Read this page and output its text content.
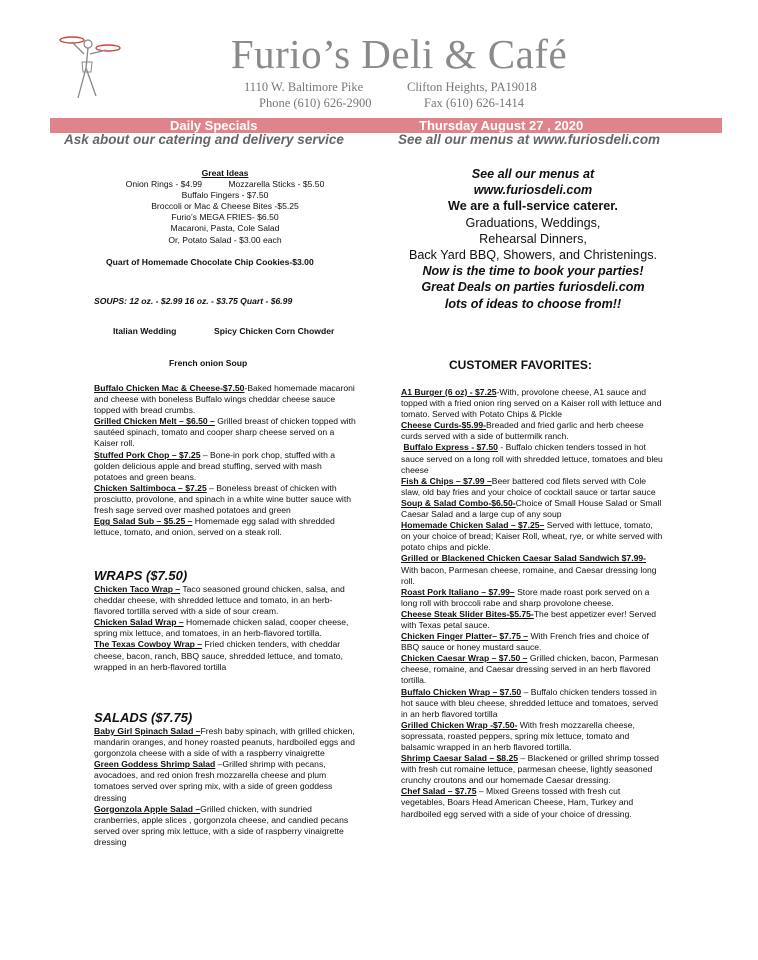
Furio’s Deli & Café
1110 W. Baltimore Pike	Clifton Heights, PA19018
Phone (610) 626-2900	Fax (610) 626-1414
Daily Specials	Thursday August 27 , 2020
Ask about our catering and delivery service	See all our menus at www.furiosdeli.com

Great Ideas

Onion Rings - $4.99	Mozzarella Sticks - $5.50

Buffalo Fingers - $7.50

Broccoli or Mac & Cheese Bites -$5.25

Furio’s MEGA FRIES- $6.50

Macaroni, Pasta, Cole Salad

Or, Potato Salad - $3.00 each

Quart of Homemade Chocolate Chip Cookies-$3.00
SOUPS: 12 oz. - $2.99 16 oz. - $3.75 Quart - $6.99
Italian Wedding	Spicy Chicken Corn Chowder
French onion Soup

Buffalo Chicken Mac & Cheese-$7.50-Baked homemade macaroni and cheese with boneless Buffalo wings cheddar cheese sauce topped with bread crumbs.

Grilled Chicken Melt – $6.50 – Grilled breast of chicken topped with sautéed spinach, tomato and cooper sharp cheese served on a Kaiser roll.

Stuffed Pork Chop – $7.25 – Bone-in pork chop, stuffed with a golden delicious apple and bread stuffing, served with mash potatoes and green beans.

Chicken Saltimboca – $7.25 – Boneless breast of chicken with prosciutto, provolone, and spinach in a white wine butter sauce with fresh sage served over mashed potatoes and green

Egg Salad Sub – $5.25 – Homemade egg salad with shredded lettuce, tomato, and onion, served on a steak roll.

WRAPS ($7.50)

Chicken Taco Wrap – Taco seasoned ground chicken, salsa, and cheddar cheese, with shredded lettuce and tomato, in an herb-flavored tortilla served with a side of sour cream.

Chicken Salad Wrap – Homemade chicken salad, cooper cheese, spring mix lettuce, and tomatoes, in an herb-flavored tortilla.

The Texas Cowboy Wrap – Fried chicken tenders, with cheddar cheese, bacon, ranch, BBQ sauce, shredded lettuce, and tomato, wrapped in an herb-flavored tortilla

SALADS ($7.75)

Baby Girl Spinach Salad –Fresh baby spinach, with grilled chicken, mandarin oranges, and honey roasted peanuts, hardboiled eggs and gorgonzola cheese with a side of with a raspberry vinaigrette

Green Goddess Shrimp Salad –Grilled shrimp with pecans, avocadoes, and red onion fresh mozzarella cheese and plum tomatoes served over spring mix, with a side of green goddess dressing

Gorgonzola Apple Salad –Grilled chicken, with sundried cranberries, apple slices , gorgonzola cheese, and candied pecans served over spring mix lettuce, with a side of raspberry vinaigrette dressing

See all our menus at

www.furiosdeli.com

We are a full-service caterer.

Graduations, Weddings,

Rehearsal Dinners,

Back Yard BBQ, Showers, and Christenings.

Now is the time to book your parties!

Great Deals on parties furiosdeli.com

lots of ideas to choose from!!

CUSTOMER FAVORITES:

A1 Burger (6 oz) - $7.25-With, provolone cheese, A1 sauce and topped with a fried onion ring served on a Kaiser roll with lettuce and tomato. Served with Potato Chips & Pickle

Cheese Curds-$5.99-Breaded and fried garlic and herb cheese curds served with a side of buttermilk ranch.

Buffalo Express - $7.50 - Buffalo chicken tenders tossed in hot sauce served on a long roll with shredded lettuce, tomatoes and bleu cheese

Fish & Chips – $7.99 –Beer battered cod filets served with Cole slaw, old bay fries and your choice of cocktail sauce or tartar sauce

Soup & Salad Combo-$6.50-Choice of Small House Salad or Small Caesar Salad and a large cup of any soup

Homemade Chicken Salad – $7.25– Served with lettuce, tomato, on your choice of bread; Kaiser Roll, wheat, rye, or white served with potato chips and pickle.

Grilled or Blackened Chicken Caesar Salad Sandwich $7.99- With bacon, Parmesan cheese, romaine, and Caesar dressing long roll.

Roast Pork Italiano – $7.99– Store made roast pork served on a long roll with broccoli rabe and sharp provolone cheese.

Cheese Steak Slider Bites-$5.75-The best appetizer ever! Served with Texas petal sauce.

Chicken Finger Platter– $7.75 – With French fries and choice of BBQ sauce or honey mustard sauce.

Chicken Caesar Wrap – $7.50 – Grilled chicken, bacon, Parmesan cheese, romaine, and Caesar dressing served in an herb flavored tortilla.

Buffalo Chicken Wrap – $7.50 – Buffalo chicken tenders tossed in hot sauce with bleu cheese, shredded lettuce and tomatoes, served in an herb flavored tortilla

Grilled Chicken Wrap -$7.50- With fresh mozzarella cheese, sopressata, roasted peppers, spring mix lettuce, tomato and balsamic wrapped in an herb flavored tortilla.

Shrimp Caesar Salad – $8.25 – Blackened or grilled shrimp tossed with fresh cut romaine lettuce, parmesan cheese, lightly seasoned crunchy croutons and our homemade Caesar dressing.

Chef Salad – $7.75 – Mixed Greens tossed with fresh cut vegetables, Boars Head American Cheese, Ham, Turkey and hardboiled egg served with a side of your choice of dressing.
